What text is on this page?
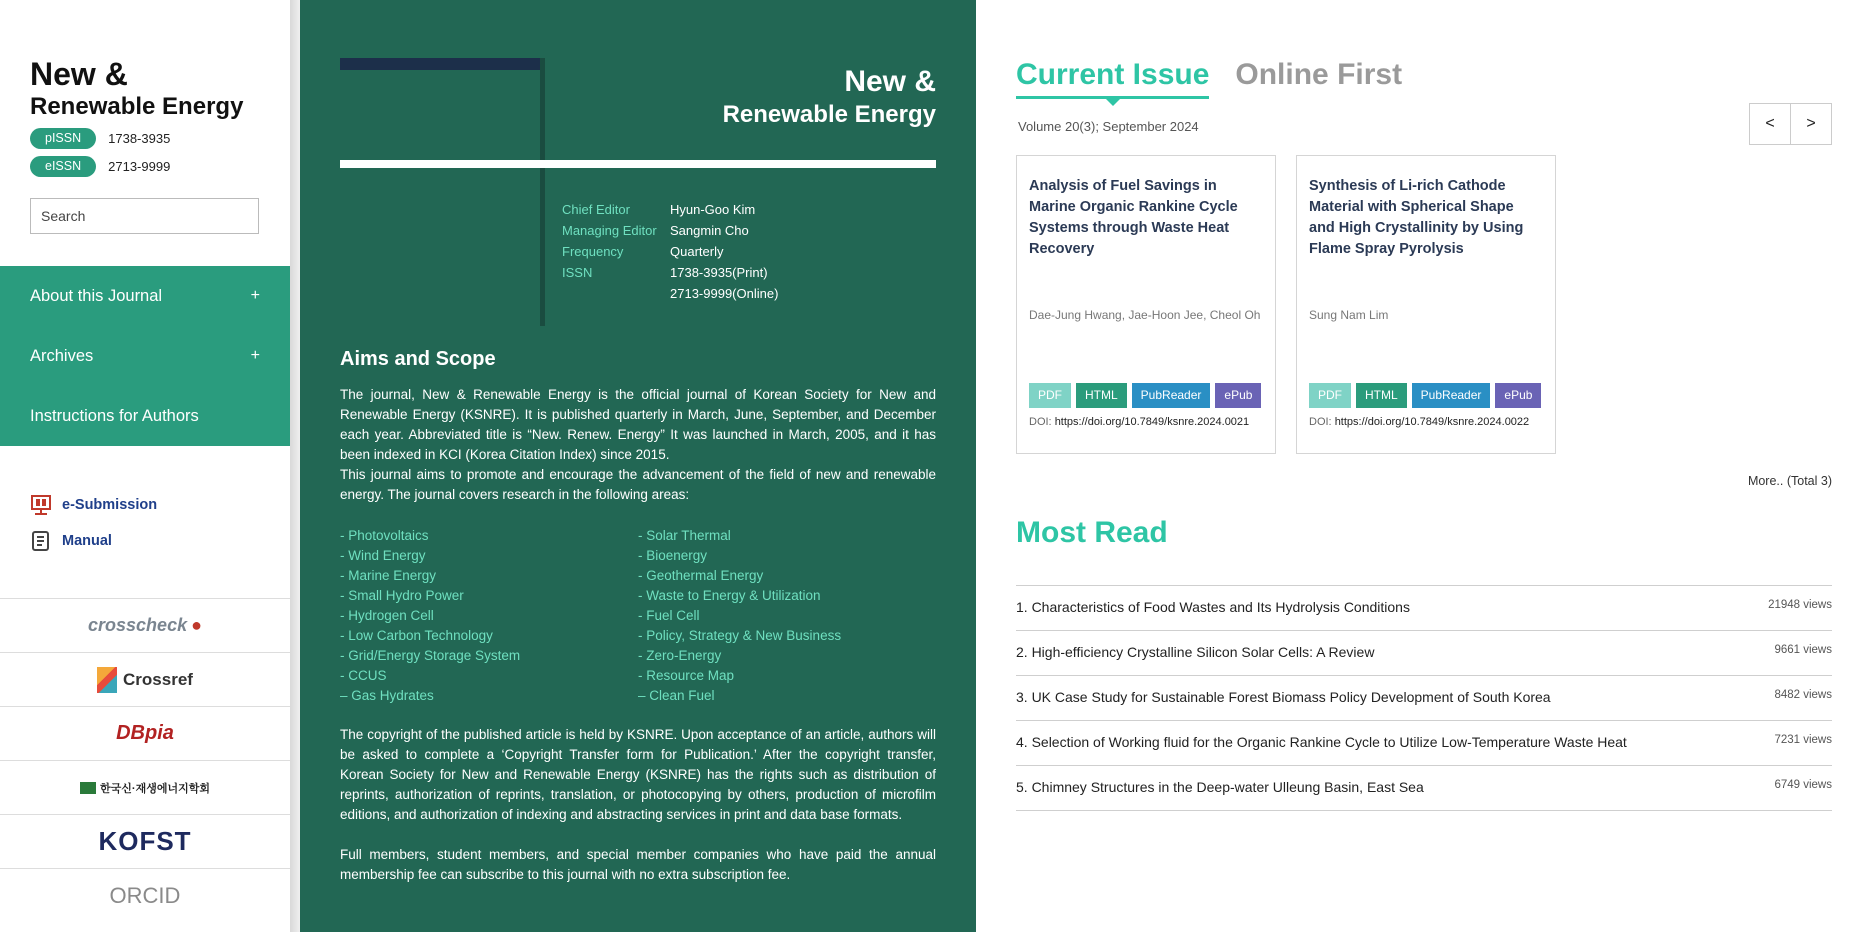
New &
Renewable Energy
pISSN	1738-3935
eISSN	2713-9999
Search
About this Journal	+
Archives	+
Instructions for Authors
e-Submission
Manual
crosscheck ●
Crossref
DBpia
한국신·재생에너지학회
KOFST
ORCID
New &
Renewable Energy
Chief Editor	Hyun-Goo Kim
Managing Editor Sangmin Cho
Frequency	Quarterly
ISSN	1738-3935(Print)
2713-9999(Online)
Aims and Scope
The journal, New & Renewable Energy is the official journal of Korean Society for New and Renewable Energy (KSNRE). It is published quarterly in March, June, September, and December each year. Abbreviated title is “New. Renew. Energy” It was launched in March, 2005, and it has been indexed in KCI (Korea Citation Index) since 2015.
This journal aims to promote and encourage the advancement of the field of new and renewable energy. The journal covers research in the following areas:
- Photovoltaics
- Wind Energy
- Marine Energy
- Small Hydro Power
- Hydrogen Cell
- Low Carbon Technology
- Grid/Energy Storage System
- CCUS
– Gas Hydrates
- Solar Thermal
- Bioenergy
- Geothermal Energy
- Waste to Energy & Utilization
- Fuel Cell
- Policy, Strategy & New Business
- Zero-Energy
- Resource Map
– Clean Fuel
The copyright of the published article is held by KSNRE. Upon acceptance of an article, authors will be asked to complete a ‘Copyright Transfer form for Publication.’ After the copyright transfer, Korean Society for New and Renewable Energy (KSNRE) has the rights such as distribution of reprints, authorization of reprints, translation, or photocopying by others, production of microfilm editions, and authorization of indexing and abstracting services in print and data base formats.
Full members, student members, and special member companies who have paid the annual membership fee can subscribe to this journal with no extra subscription fee.
Current Issue Online First
Volume 20(3); September 2024	<	>
Analysis of Fuel Savings in Marine Organic Rankine Cycle Systems through Waste Heat Recovery
Dae-Jung Hwang, Jae-Hoon Jee, Cheol Oh
PDF	HTML	PubReader	ePub
DOI: https://doi.org/10.7849/ksnre.2024.0021
Synthesis of Li-rich Cathode Material with Spherical Shape and High Crystallinity by Using Flame Spray Pyrolysis
Sung Nam Lim
PDF	HTML	PubReader	ePub
DOI: https://doi.org/10.7849/ksnre.2024.0022
More.. (Total 3)
Most Read
1. Characteristics of Food Wastes and Its Hydrolysis Conditions	21948 views
2. High-efficiency Crystalline Silicon Solar Cells: A Review	9661 views
3. UK Case Study for Sustainable Forest Biomass Policy Development of South Korea	8482 views
4. Selection of Working fluid for the Organic Rankine Cycle to Utilize Low-Temperature Waste Heat	7231 views
5. Chimney Structures in the Deep-water Ulleung Basin, East Sea	6749 views
